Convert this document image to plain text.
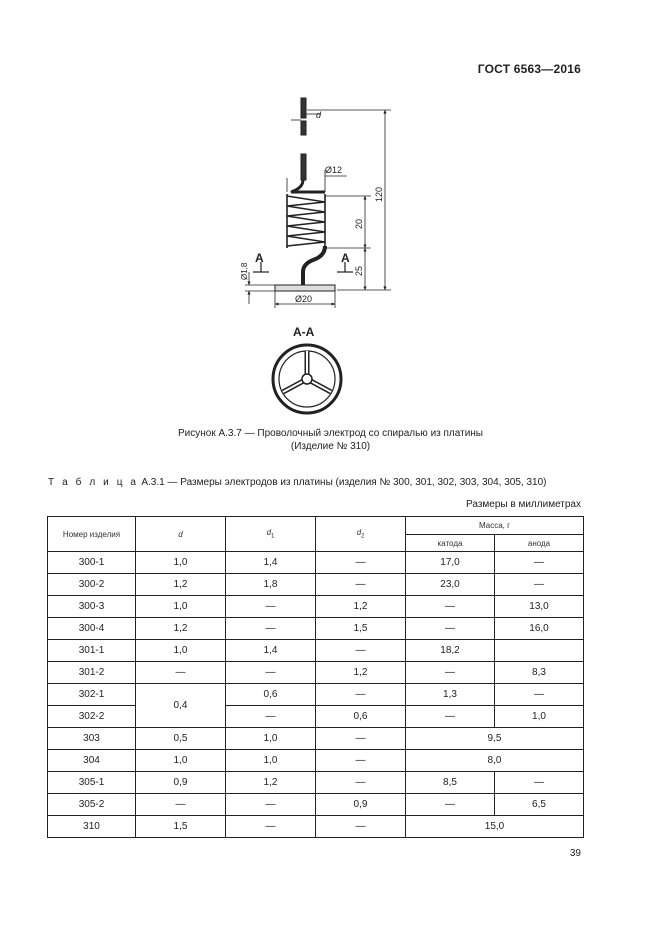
ГОСТ 6563—2016
d
Ø12
20
120
25
A	A
Ø1,8
Ø20
А-А
Рисунок А.3.7 — Проволочный электрод со спиралью из платины
(Изделие № 310)
Т а б л и ц а А.3.1 — Размеры электродов из платины (изделия № 300, 301, 302, 303, 304, 305, 310)
Размеры в миллиметрах
Номер изделия	d	$d_1$	$d_2$	Масса, г	
				катода	анода
300-1	1,0	1,4	—	17,0	—
300-2	1,2	1,8	—	23,0	—
300-3	1,0	—	1,2	—	13,0
300-4	1,2	—	1,5	—	16,0
301-1	1,0	1,4	—	18,2	
301-2	—	—	1,2	—	8,3
302-1	0,4	0,6	—	1,3	—
302-2		—	0,6	—	1,0
303	0,5	1,0	—	9,5	
304	1,0	1,0	—	8,0	
305-1	0,9	1,2	—	8,5	—
305-2	—	—	0,9	—	6,5
310	1,5	—	—	15,0	
39
